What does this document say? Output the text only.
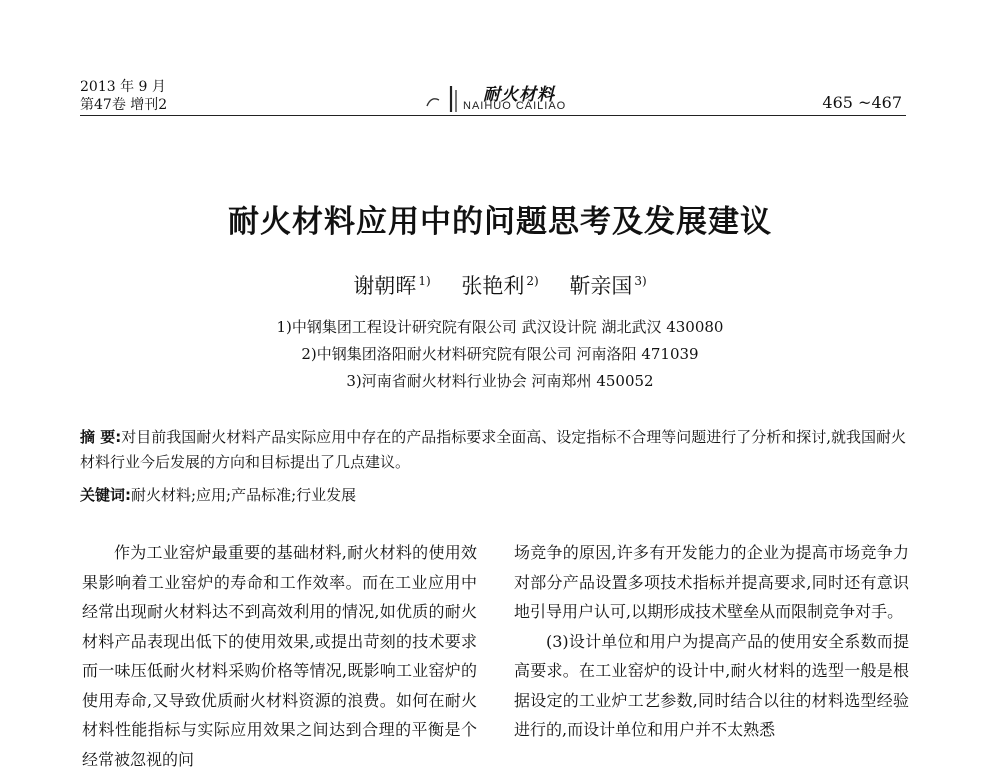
2013 年 9 月
第47卷 增刊2	耐火材料
NAIHUO CAILIAO	465 ~467
耐火材料应用中的问题思考及发展建议
谢朝晖 $^{1)}$ 张艳利 $^{2)}$ 靳亲国 $^{3)}$
1)中钢集团工程设计研究院有限公司 武汉设计院 湖北武汉 430080
2)中钢集团洛阳耐火材料研究院有限公司 河南洛阳 471039
3)河南省耐火材料行业协会 河南郑州 450052
摘 要:对目前我国耐火材料产品实际应用中存在的产品指标要求全面高、设定指标不合理等问题进行了分析和探讨,就我国耐火材料行业今后发展的方向和目标提出了几点建议。
关键词:耐火材料;应用;产品标准;行业发展

作为工业窑炉最重要的基础材料,耐火材料的使用效果影响着工业窑炉的寿命和工作效率。而在工业应用中经常出现耐火材料达不到高效利用的情况,如优质的耐火材料产品表现出低下的使用效果,或提出苛刻的技术要求而一味压低耐火材料采购价格等情况,既影响工业窑炉的使用寿命,又导致优质耐火材料资源的浪费。如何在耐火材料性能指标与实际应用效果之间达到合理的平衡是个经常被忽视的问

场竞争的原因,许多有开发能力的企业为提高市场竞争力对部分产品设置多项技术指标并提高要求,同时还有意识地引导用户认可,以期形成技术壁垒从而限制竞争对手。

(3)设计单位和用户为提高产品的使用安全系数而提高要求。在工业窑炉的设计中,耐火材料的选型一般是根据设定的工业炉工艺参数,同时结合以往的材料选型经验进行的,而设计单位和用户并不太熟悉
